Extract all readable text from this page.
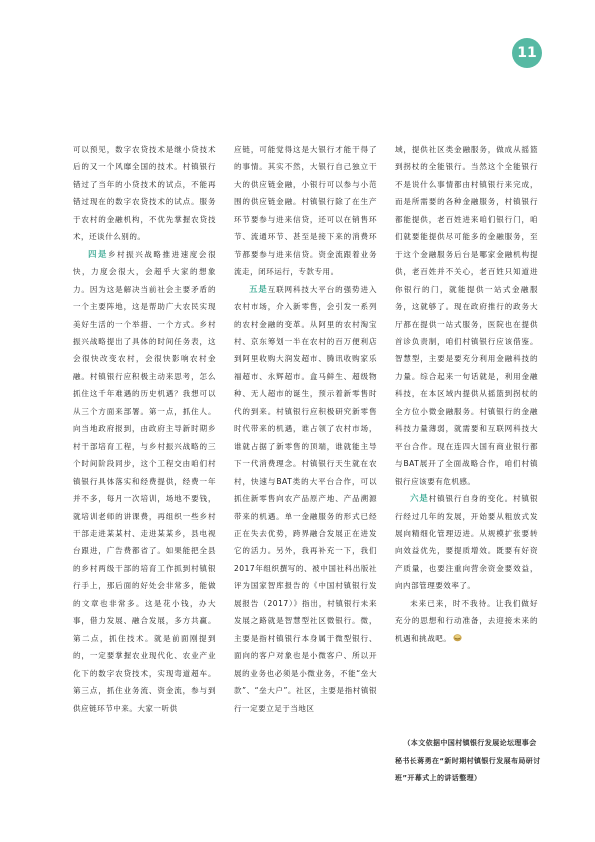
11

可以预见，数字农贷技术是继小贷技术后的又一个风靡全国的技术。村镇银行错过了当年的小贷技术的试点，不能再错过现在的数字农贷技术的试点。服务于农村的金融机构，不优先掌握农贷技术，还谈什么别的。

四是乡村振兴战略推进速度会很快，力度会很大，会超乎大家的想象力。因为这是解决当前社会主要矛盾的一个主要阵地，这是帮助广大农民实现美好生活的一个举措、一个方式。乡村振兴战略提出了具体的时间任务表，这会很快改变农村，会很快影响农村金融。村镇银行应积极主动来思考，怎么抓住这千年难遇的历史机遇？我想可以从三个方面来部署。第一点，抓住人。向当地政府报到，由政府主导新时期乡村干部培育工程，与乡村振兴战略的三个时间阶段同步，这个工程交由咱们村镇银行具体落实和经费提供，经费一年并不多，每月一次培训，场地不要钱，就培训老师的讲课费，再组织一些乡村干部走进某某村、走进某某乡，县电视台跟进，广告费都省了。如果能把全县的乡村两级干部的培育工作抓到村镇银行手上，那后面的好处会非常多，能做的文章也非常多。这是花小钱，办大事，借力发展、融合发展，多方共赢。第二点，抓住技术。就是前面刚提到的，一定要掌握农业现代化、农业产业化下的数字农贷技术，实现弯道超车。第三点，抓住业务流、资金流，参与到供应链环节中来。大家一听供

应链，可能觉得这是大银行才能干得了的事情。其实不然，大银行自己独立干大的供应链金融，小银行可以参与小范围的供应链金融。村镇银行除了在生产环节要参与进来信贷，还可以在销售环节、流通环节、甚至是接下来的消费环节都要参与进来信贷。资金流跟着业务流走，闭环运行，专款专用。

五是互联网科技大平台的强势进入农村市场，介入新零售，会引发一系列的农村金融的变革。从阿里的农村淘宝村、京东筹划一半在农村的百万便利店到阿里收购大润发超市、腾讯收购家乐福超市、永辉超市。盒马鲜生、超级物种、无人超市的诞生，预示着新零售时代的到来。村镇银行应积极研究新零售时代带来的机遇，谁占领了农村市场，谁就占据了新零售的顶端，谁就能主导下一代消费理念。村镇银行天生就在农村，快速与BAT类的大平台合作，可以抓住新零售向农产品原产地、产品溯源带来的机遇。单一金融服务的形式已经正在失去优势，跨界融合发展正在进发它的活力。另外，我再补充一下，我们2017年组织撰写的、被中国社科出版社评为国家智库报告的《中国村镇银行发展报告（2017）》指出，村镇银行未来发展之路就是智慧型社区微银行。微，主要是指村镇银行本身属于微型银行、面向的客户对象也是小微客户、所以开展的业务也必须是小微业务，不能“垒大款”、“垒大户”。社区，主要是指村镇银行一定要立足于当地区

域，提供社区类金融服务，做成从摇篮到拐杖的全能银行。当然这个全能银行不是说什么事情都由村镇银行来完成，而是所需要的各种金融服务，村镇银行都能提供，老百姓进来咱们银行门，咱们就要能提供尽可能多的金融服务，至于这个金融服务后台是哪家金融机构提供，老百姓并不关心，老百姓只知道进你银行的门，就能提供一站式金融服务，这就够了。现在政府推行的政务大厅都在提供一站式服务，医院也在提供首诊负责制，咱们村镇银行应该借鉴。智慧型，主要是要充分利用金融科技的力量。综合起来一句话就是，利用金融科技，在本区域内提供从摇篮到拐杖的全方位小微金融服务。村镇银行的金融科技力量薄弱，就需要和互联网科技大平台合作。现在连四大国有商业银行都与BAT展开了全面战略合作，咱们村镇银行应该要有危机感。

六是村镇银行自身的变化。村镇银行经过几年的发展，开始要从粗放式发展向精细化管理迈进。从规模扩张要转向效益优先，要提质增效。既要有好资产质量，也要注重向营余资金要效益，向内部管理要效率了。

未来已来，时不我待。让我们做好充分的思想和行动准备，去迎接未来的机遇和挑战吧。

（本文依据中国村镇银行发展论坛理事会秘书长蒋勇在“新时期村镇银行发展布局研讨班”开幕式上的讲话整理）
